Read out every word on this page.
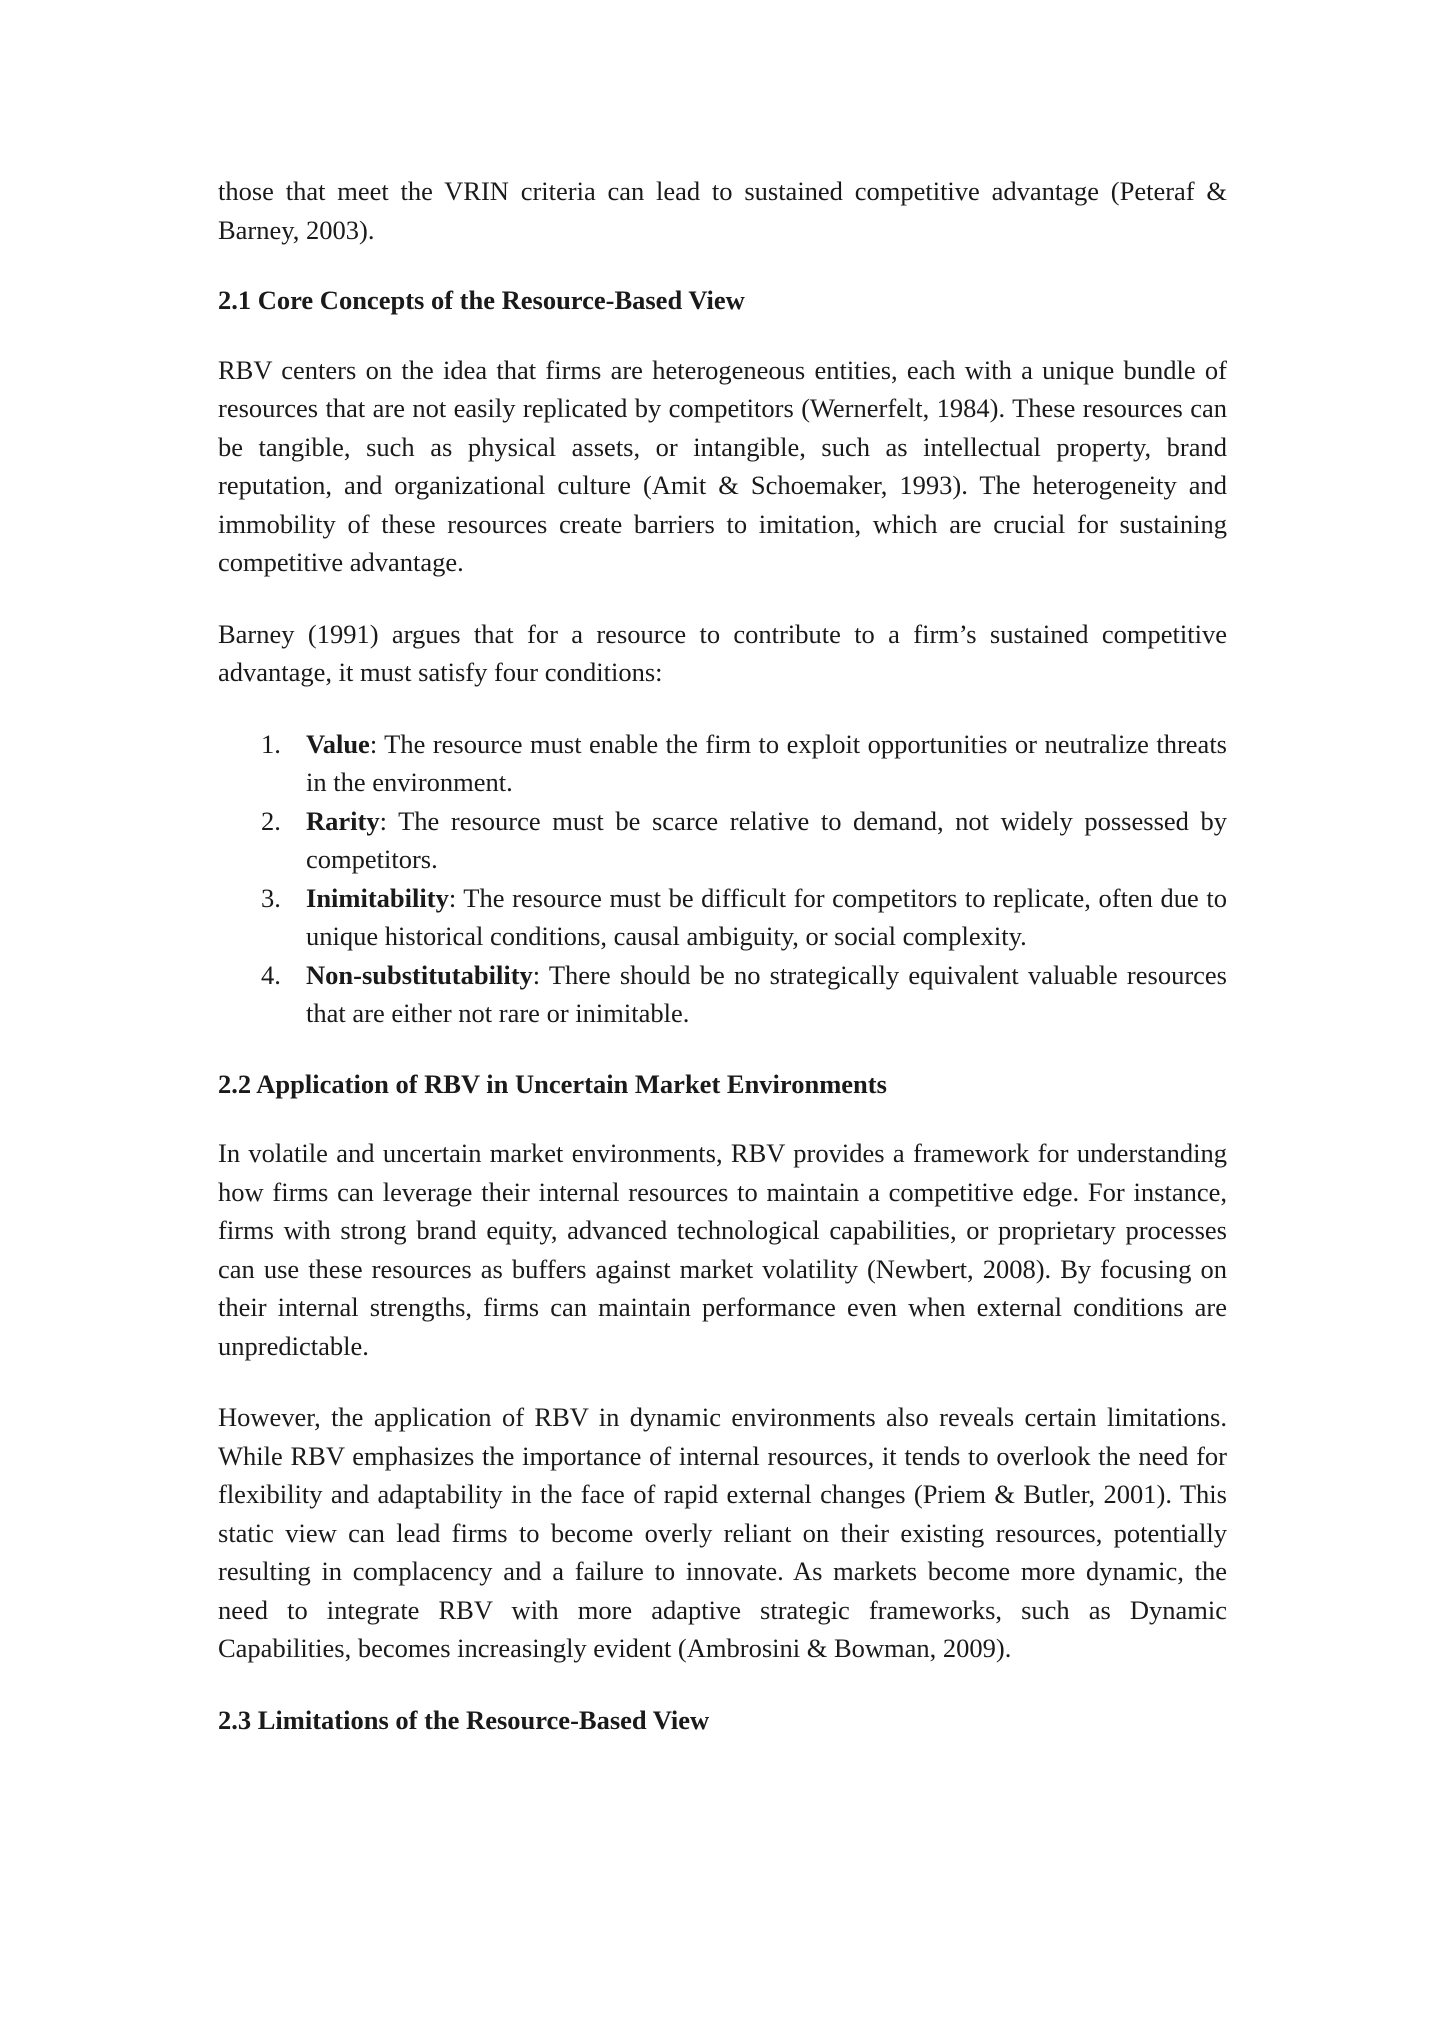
those that meet the VRIN criteria can lead to sustained competitive advantage (Peteraf & Barney, 2003).

2.1 Core Concepts of the Resource-Based View

RBV centers on the idea that firms are heterogeneous entities, each with a unique bundle of resources that are not easily replicated by competitors (Wernerfelt, 1984). These resources can be tangible, such as physical assets, or intangible, such as intellectual property, brand reputation, and organizational culture (Amit & Schoemaker, 1993). The heterogeneity and immobility of these resources create barriers to imitation, which are crucial for sustaining competitive advantage.

Barney (1991) argues that for a resource to contribute to a firm’s sustained competitive advantage, it must satisfy four conditions:

1. Value: The resource must enable the firm to exploit opportunities or neutralize threats in the environment.
2. Rarity: The resource must be scarce relative to demand, not widely possessed by competitors.
3. Inimitability: The resource must be difficult for competitors to replicate, often due to unique historical conditions, causal ambiguity, or social complexity.
4. Non-substitutability: There should be no strategically equivalent valuable resources that are either not rare or inimitable.
2.2 Application of RBV in Uncertain Market Environments

In volatile and uncertain market environments, RBV provides a framework for understanding how firms can leverage their internal resources to maintain a competitive edge. For instance, firms with strong brand equity, advanced technological capabilities, or proprietary processes can use these resources as buffers against market volatility (Newbert, 2008). By focusing on their internal strengths, firms can maintain performance even when external conditions are unpredictable.

However, the application of RBV in dynamic environments also reveals certain limitations. While RBV emphasizes the importance of internal resources, it tends to overlook the need for flexibility and adaptability in the face of rapid external changes (Priem & Butler, 2001). This static view can lead firms to become overly reliant on their existing resources, potentially resulting in complacency and a failure to innovate. As markets become more dynamic, the need to integrate RBV with more adaptive strategic frameworks, such as Dynamic Capabilities, becomes increasingly evident (Ambrosini & Bowman, 2009).

2.3 Limitations of the Resource-Based View
